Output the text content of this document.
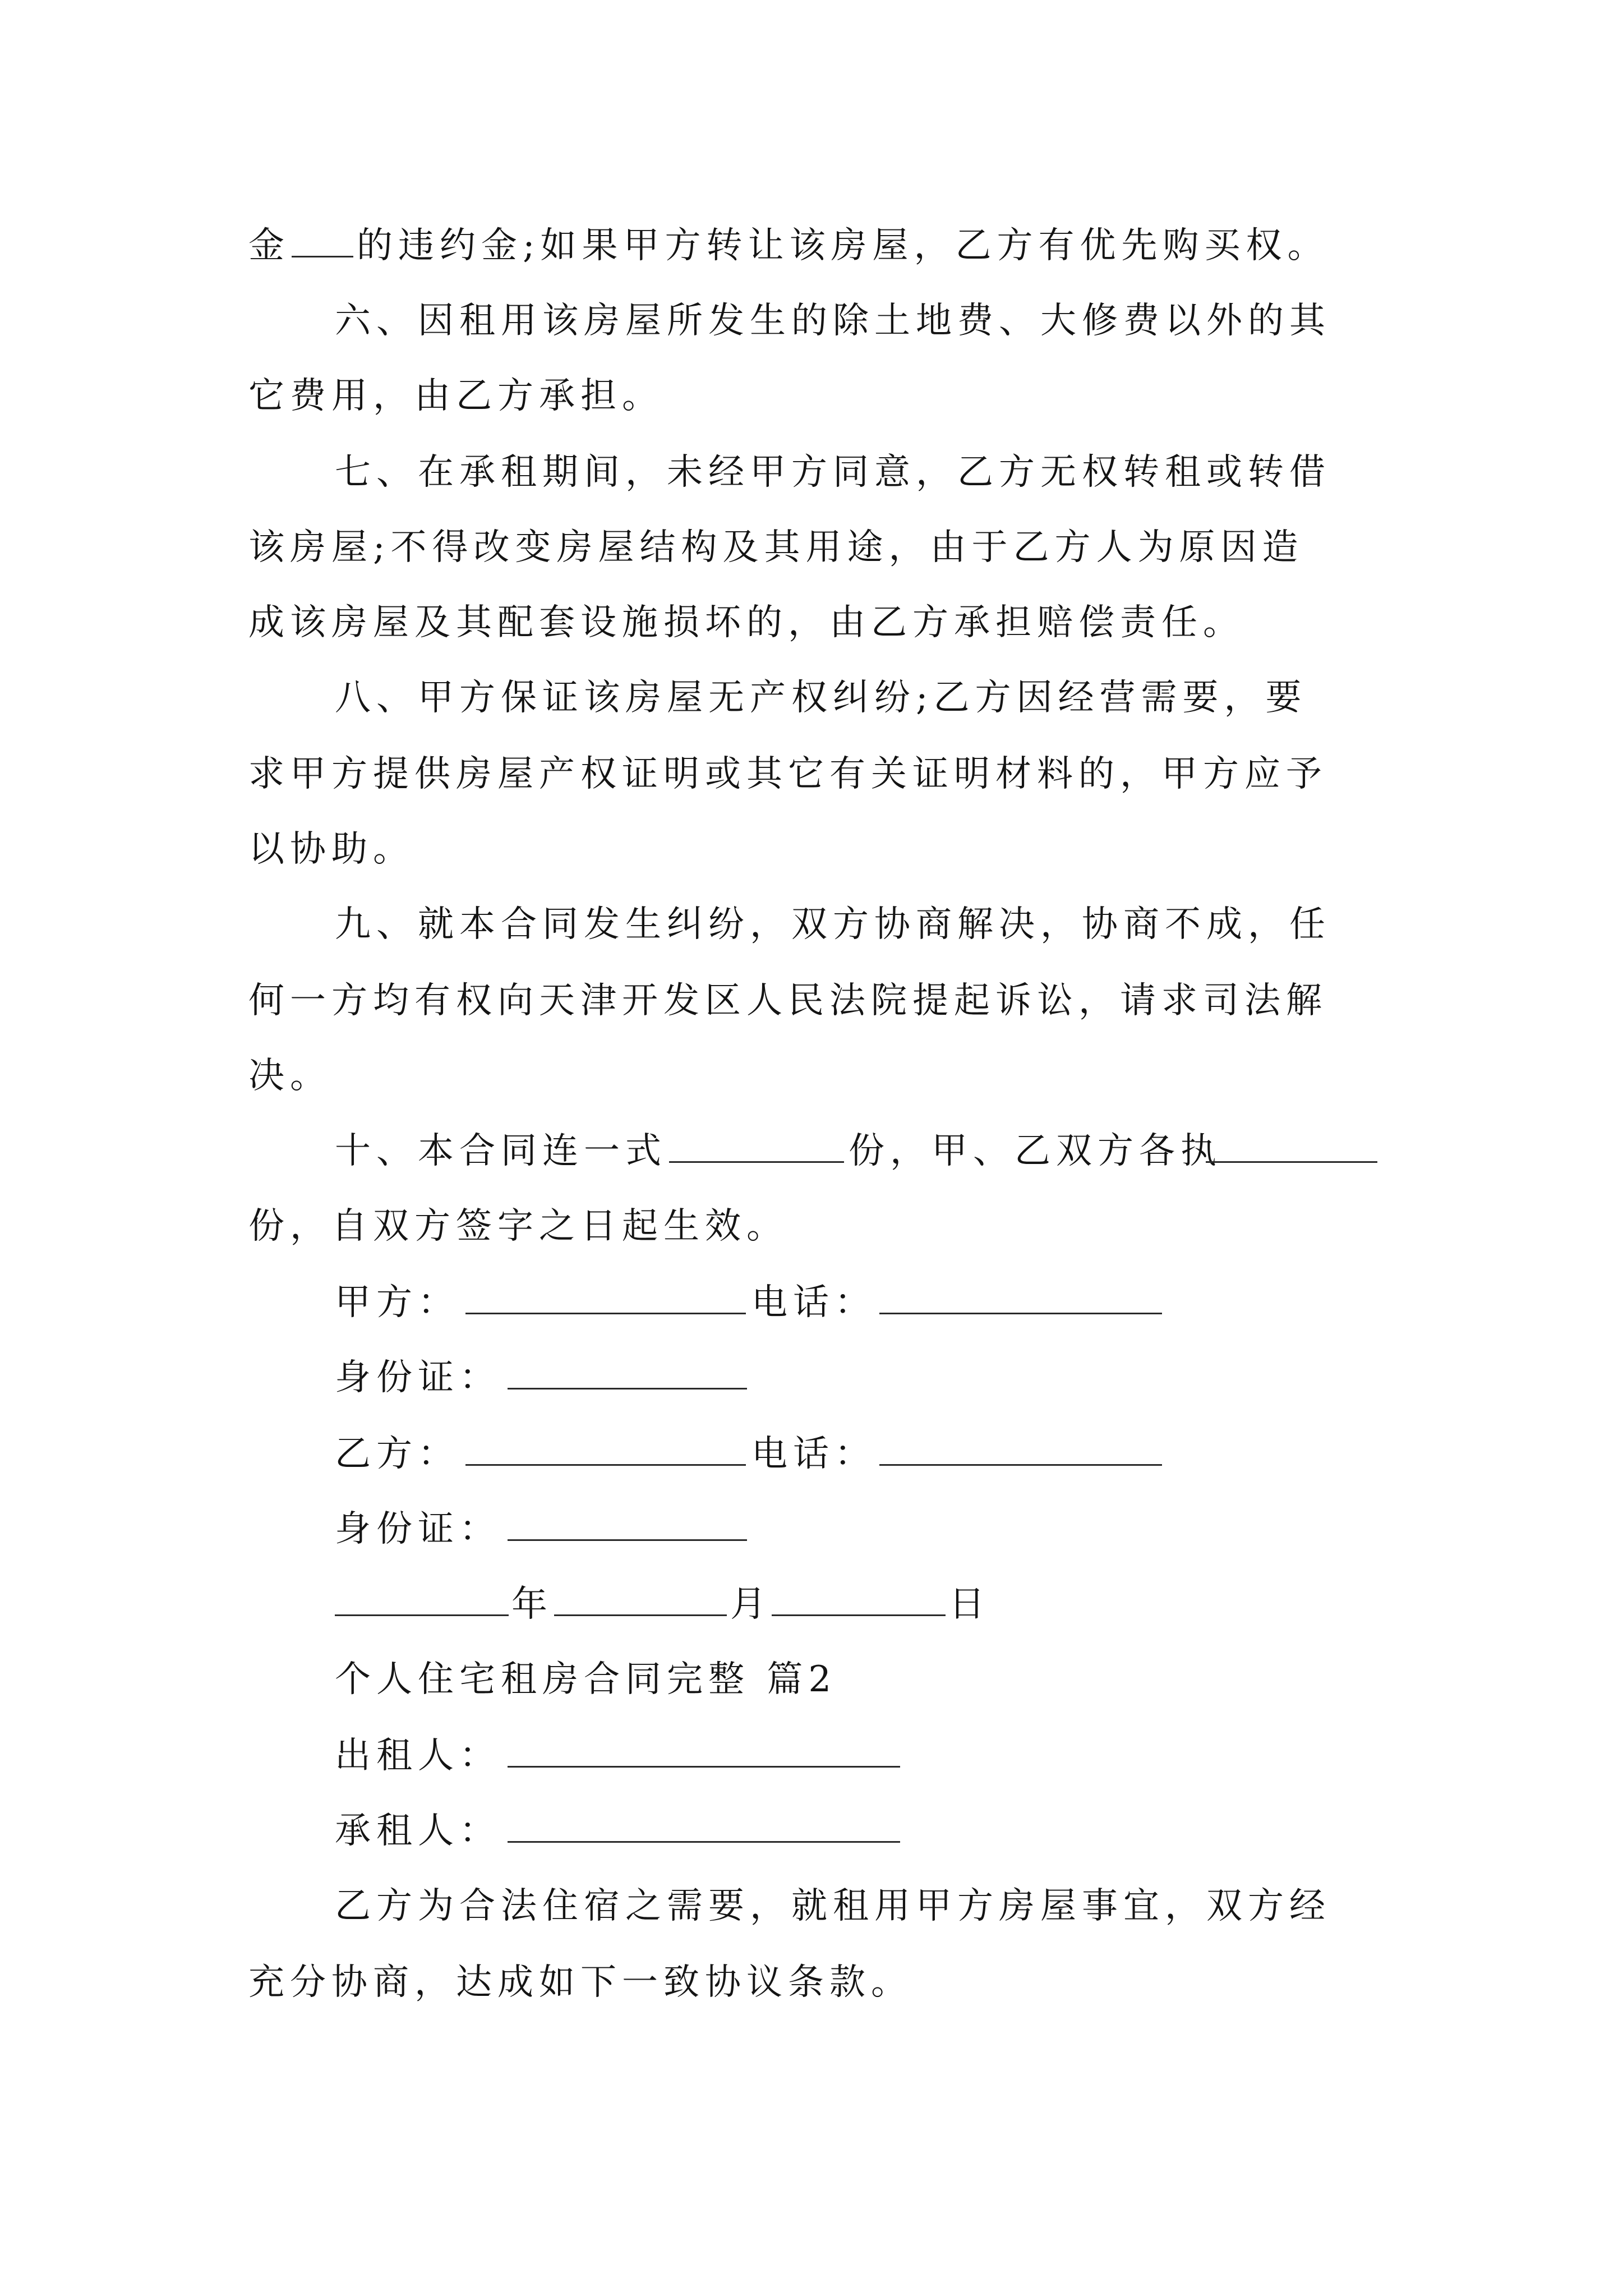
金 的违约金;如果甲方转让该房屋，乙方有优先购买权。
六、因租用该房屋所发生的除土地费、大修费以外的其
它费用，由乙方承担。
七、在承租期间，未经甲方同意，乙方无权转租或转借
该房屋;不得改变房屋结构及其用途，由于乙方人为原因造
成该房屋及其配套设施损坏的，由乙方承担赔偿责任。
八、甲方保证该房屋无产权纠纷;乙方因经营需要，要
求甲方提供房屋产权证明或其它有关证明材料的，甲方应予
以协助。
九、就本合同发生纠纷，双方协商解决，协商不成，任
何一方均有权向天津开发区人民法院提起诉讼，请求司法解
决。
十、本合同连一式	份，甲、乙双方各执
份，自双方签字之日起生效。
甲方：	电话：
身份证：
乙方：	电话：
身份证：
年	月	日
个人住宅租房合同完整 篇2
出租人：
承租人：
乙方为合法住宿之需要，就租用甲方房屋事宜，双方经
充分协商，达成如下一致协议条款。
